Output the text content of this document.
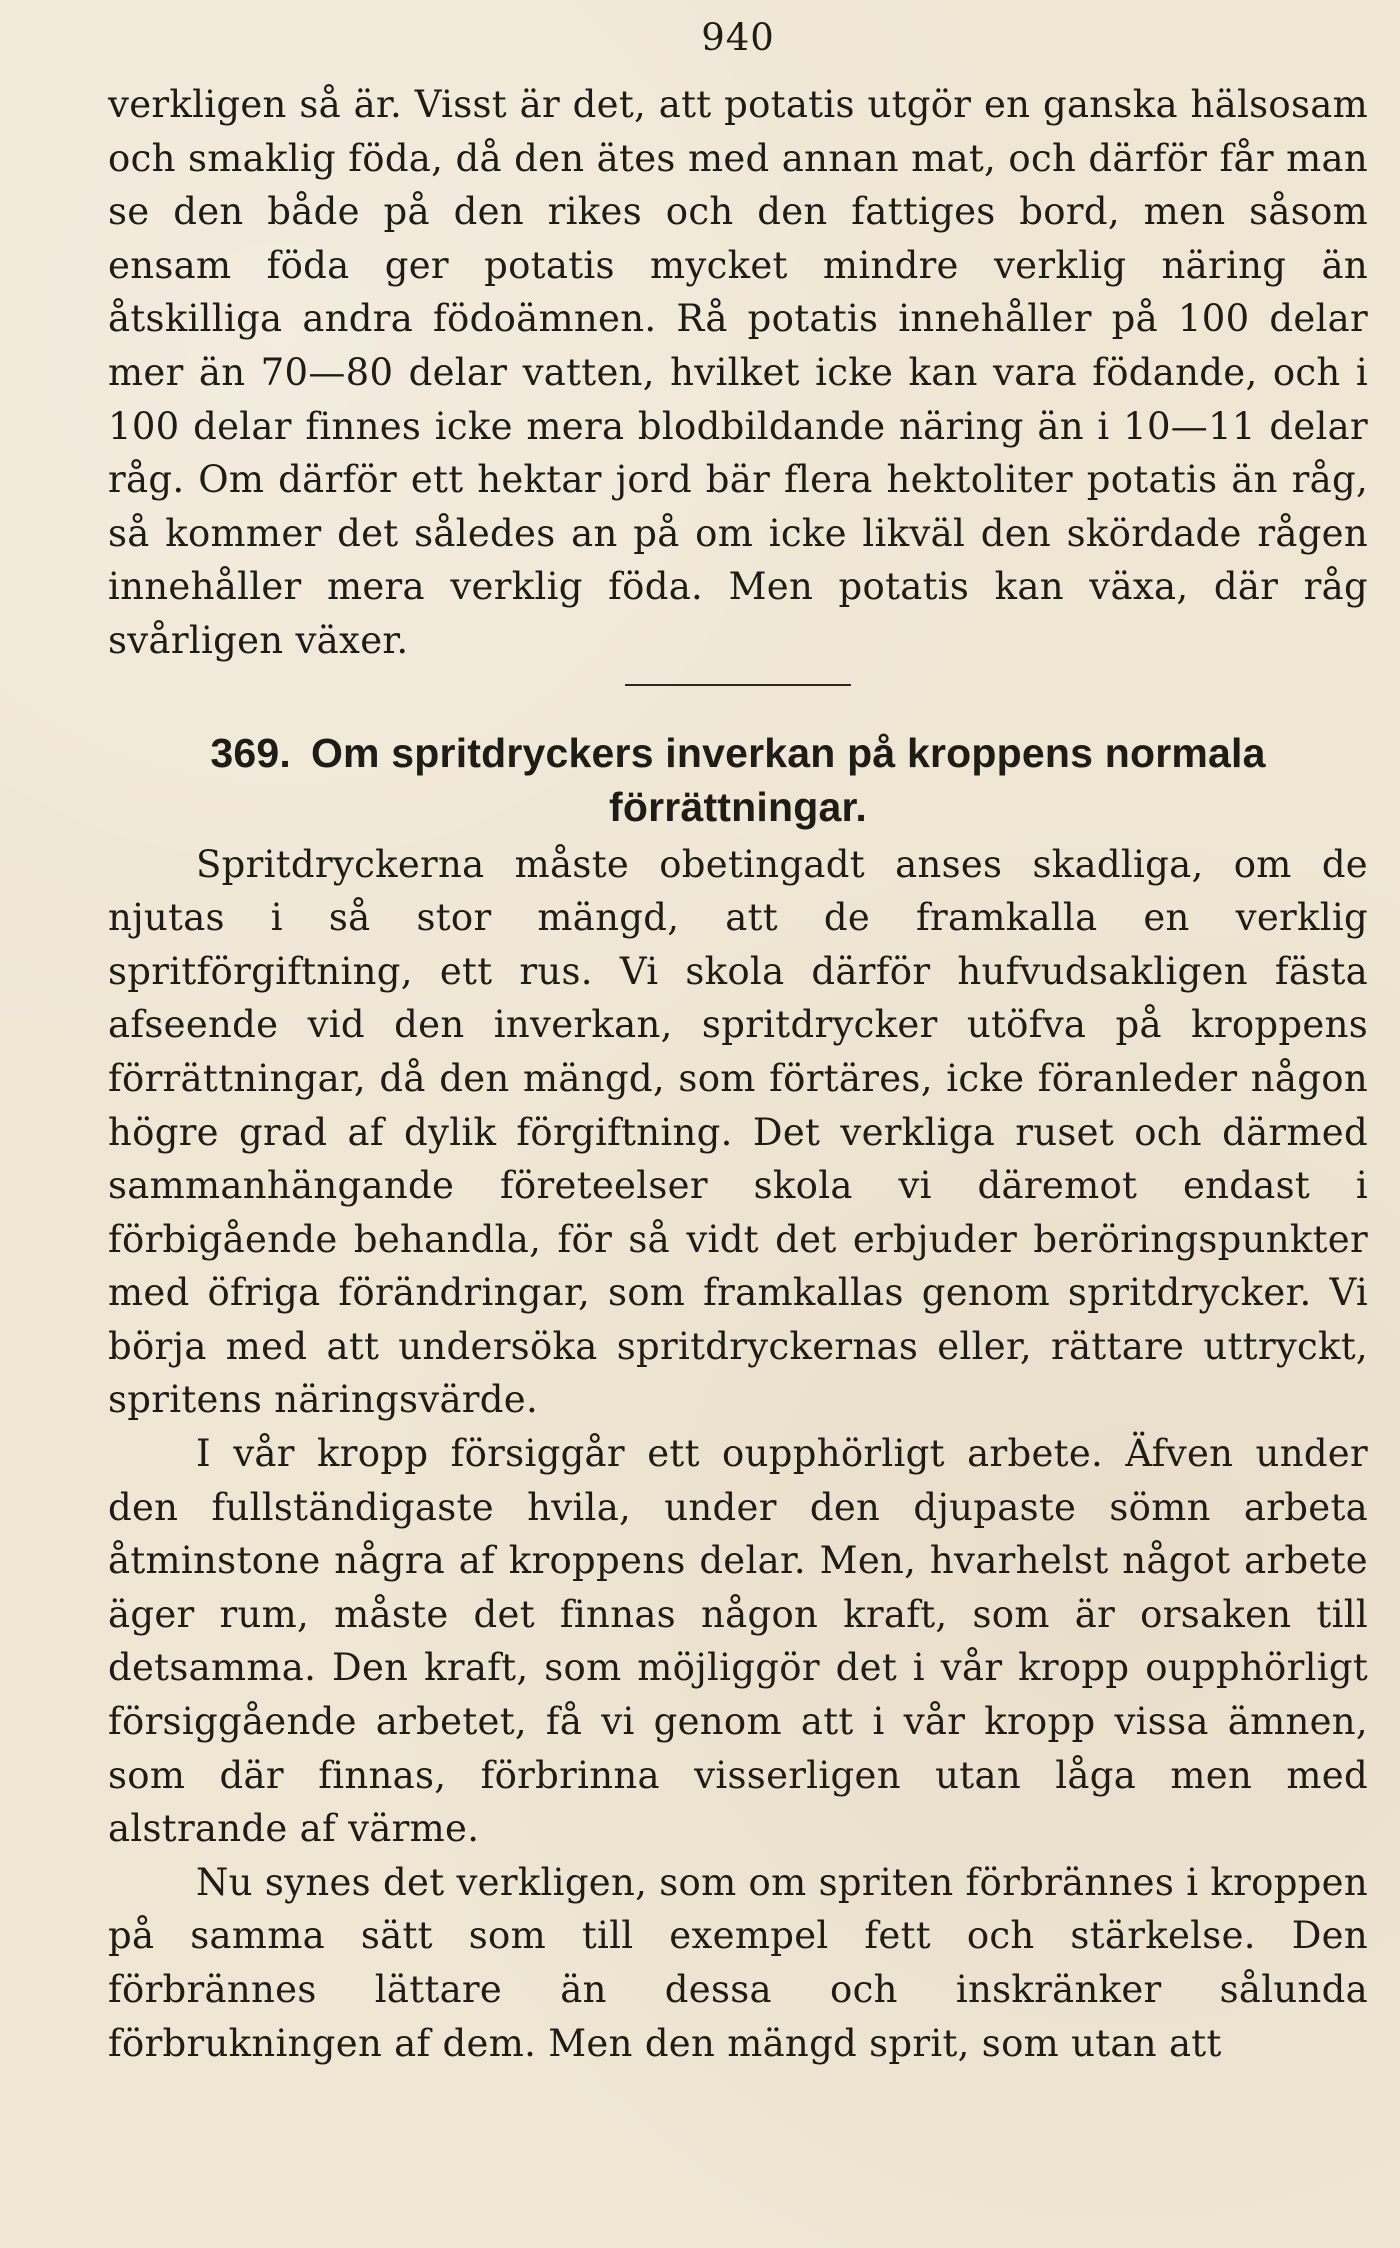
940

verkligen så är. Visst är det, att potatis utgör en ganska hälsosam och smaklig föda, då den ätes med annan mat, och därför får man se den både på den rikes och den fattiges bord, men såsom ensam föda ger potatis mycket mindre verklig näring än åtskilliga andra födoämnen. Rå potatis innehåller på 100 delar mer än 70—80 delar vatten, hvilket icke kan vara födande, och i 100 delar finnes icke mera blodbildande näring än i 10—11 delar råg. Om därför ett hektar jord bär flera hektoliter potatis än råg, så kommer det således an på om icke likväl den skördade rågen innehåller mera verklig föda. Men potatis kan växa, där råg svårligen växer.

369. Om spritdryckers inverkan på kroppens normala förrättningar.

Spritdryckerna måste obetingadt anses skadliga, om de njutas i så stor mängd, att de framkalla en verklig spritförgiftning, ett rus. Vi skola därför hufvudsakligen fästa afseende vid den inverkan, spritdrycker utöfva på kroppens förrättningar, då den mängd, som förtäres, icke föranleder någon högre grad af dylik förgiftning. Det verkliga ruset och därmed sammanhängande företeelser skola vi däremot endast i förbigående behandla, för så vidt det erbjuder beröringspunkter med öfriga förändringar, som framkallas genom spritdrycker. Vi börja med att undersöka spritdryckernas eller, rättare uttryckt, spritens näringsvärde.

I vår kropp försiggår ett oupphörligt arbete. Äfven under den fullständigaste hvila, under den djupaste sömn arbeta åtminstone några af kroppens delar. Men, hvarhelst något arbete äger rum, måste det finnas någon kraft, som är orsaken till detsamma. Den kraft, som möjliggör det i vår kropp oupphörligt försiggående arbetet, få vi genom att i vår kropp vissa ämnen, som där finnas, förbrinna visserligen utan låga men med alstrande af värme.

Nu synes det verkligen, som om spriten förbrännes i kroppen på samma sätt som till exempel fett och stärkelse. Den förbrännes lättare än dessa och inskränker sålunda förbrukningen af dem. Men den mängd sprit, som utan att
